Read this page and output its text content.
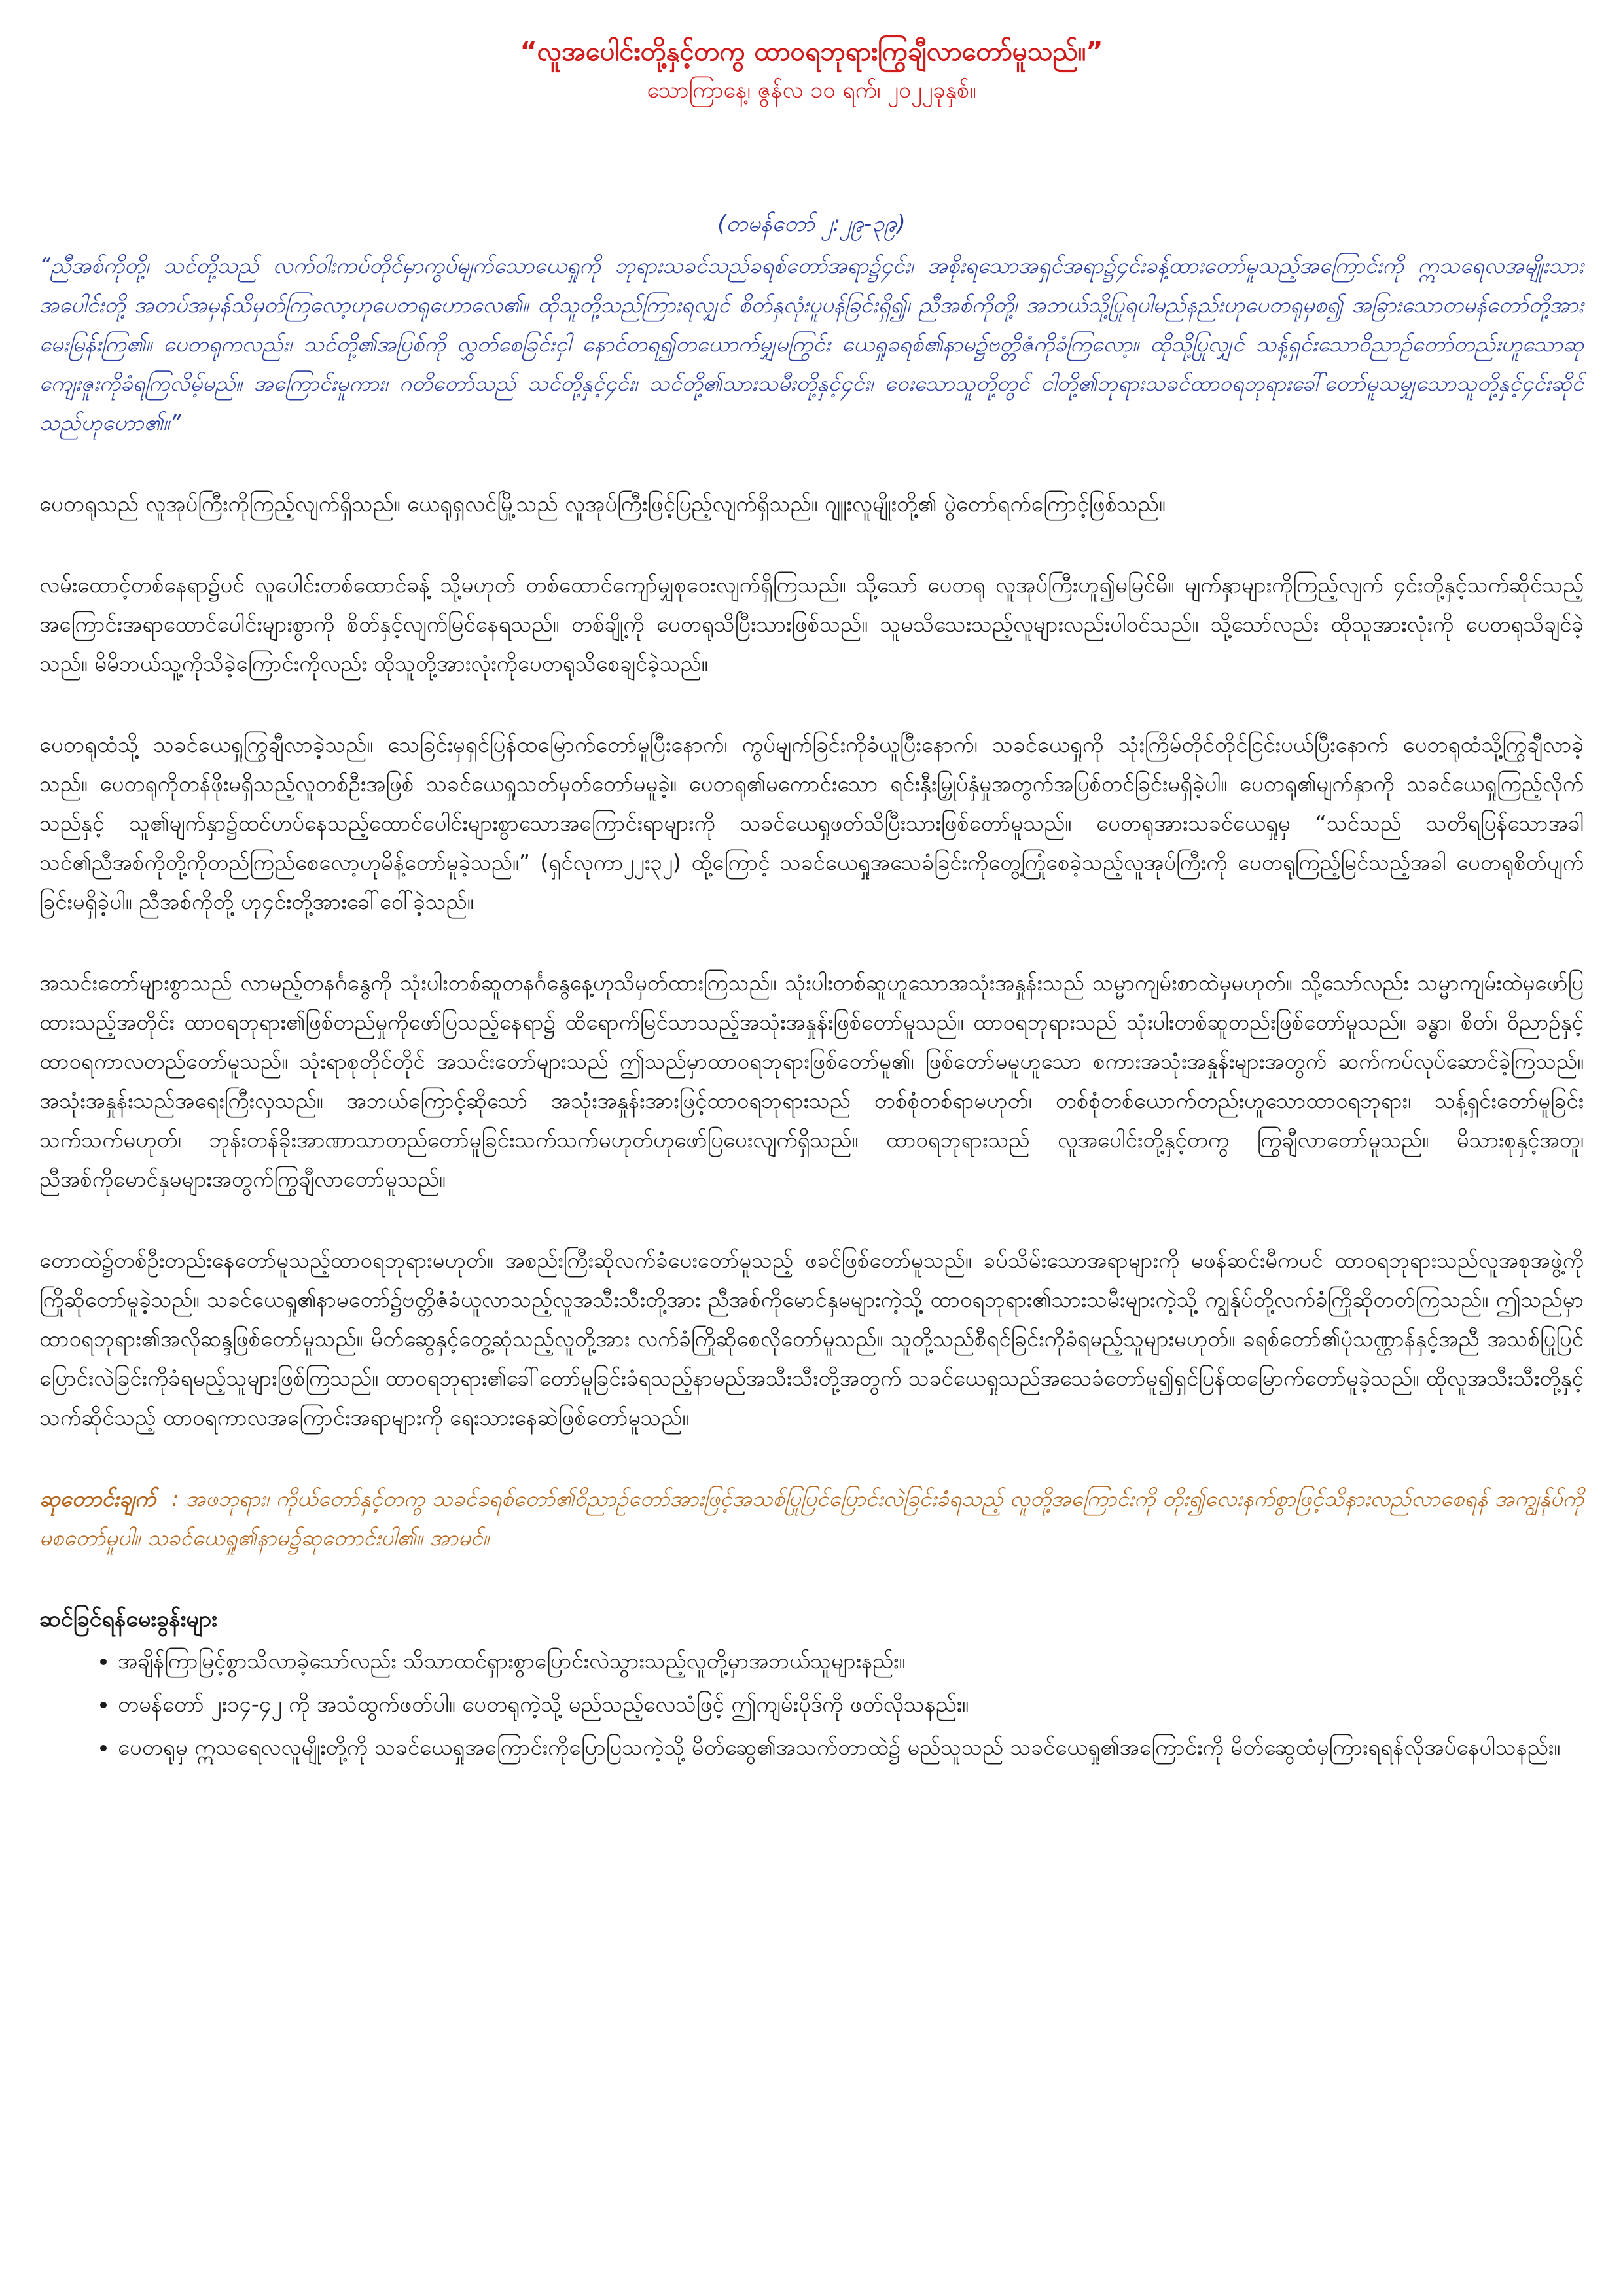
“လူအပေါင်းတို့နှင့်တကွ ထာဝရဘုရားကြွချီလာတော်မူသည်။”

သောကြာနေ့၊ ဇွန်လ ၁၀ ရက်၊ ၂၀၂၂ခုနှစ်။

(တမန်တော် ၂:၂၉-၃၉)

“ညီအစ်ကိုတို့၊ သင်တို့သည် လက်ဝါးကပ်တိုင်မှာကွပ်မျက်သောယေရှုကို ဘုရားသခင်သည်ခရစ်တော်အရာ၌၄င်း၊ အစိုးရသောအရှင်အရာ၌၄င်းခန့်ထားတော်မူသည့်အကြောင်းကို ဣသရေလအမျိုးသားအပေါင်းတို့ အတပ်အမှန်သိမှတ်ကြလော့ဟုပေတရုဟောလေ၏။ ထိုသူတို့သည်ကြားရလျှင် စိတ်နှလုံးပူပန်ခြင်းရှိ၍၊ ညီအစ်ကိုတို့၊ အဘယ်သို့ပြုရပါမည်နည်းဟုပေတရုမှစ၍ အခြားသောတမန်တော်တို့အားမေးမြန်းကြ၏။ ပေတရုကလည်း၊ သင်တို့၏အပြစ်ကို လွှတ်စေခြင်းငှါ နောင်တရ၍တယောက်မျှမကြွင်း ယေရှုခရစ်၏နာမ၌ဗတ္တိဇံကိုခံကြလော့။ ထိုသို့ပြုလျှင် သန့်ရှင်းသောဝိညာဉ်တော်တည်းဟူသောဆုကျေးဇူးကိုခံရကြလိမ့်မည်။ အကြောင်းမူကား၊ ဂတိတော်သည် သင်တို့နှင့်၄င်း၊ သင်တို့၏သားသမီးတို့နှင့်၄င်း၊ ဝေးသောသူတို့တွင် ငါတို့၏ဘုရားသခင်ထာဝရဘုရားခေါ်တော်မူသမျှသောသူတို့နှင့်၄င်းဆိုင်သည်ဟုဟော၏။”

ပေတရုသည် လူအုပ်ကြီးကိုကြည့်လျက်ရှိသည်။ ယေရုရှလင်မြို့သည် လူအုပ်ကြီးဖြင့်ပြည့်လျက်ရှိသည်။ ဂျူးလူမျိုးတို့၏ ပွဲတော်ရက်ကြောင့်ဖြစ်သည်။

လမ်းထောင့်တစ်နေရာ၌ပင် လူပေါင်းတစ်ထောင်ခန့် သို့မဟုတ် တစ်ထောင်ကျော်မျှစုဝေးလျက်ရှိကြသည်။ သို့သော် ပေတရု လူအုပ်ကြီးဟူ၍မမြင်မိ။ မျက်နှာများကိုကြည့်လျက် ၄င်းတို့နှင့်သက်ဆိုင်သည့်အကြောင်းအရာထောင်ပေါင်းများစွာကို စိတ်နှင့်လျက်မြင်နေရသည်။ တစ်ချို့ကို ပေတရုသိပြီးသားဖြစ်သည်။ သူမသိသေးသည့်လူများလည်းပါဝင်သည်။ သို့သော်လည်း ထိုသူအားလုံးကို ပေတရုသိချင်ခဲ့သည်။ မိမိဘယ်သူ့ကိုသိခဲ့ကြောင်းကိုလည်း ထိုသူတို့အားလုံးကိုပေတရုသိစေချင်ခဲ့သည်။

ပေတရုထံသို့ သခင်ယေရှုကြွချီလာခဲ့သည်။ သေခြင်းမှရှင်ပြန်ထမြောက်တော်မူပြီးနောက်၊ ကွပ်မျက်ခြင်းကိုခံယူပြီးနောက်၊ သခင်ယေရှုကို သုံးကြိမ်တိုင်တိုင်ငြင်းပယ်ပြီးနောက် ပေတရုထံသို့ကြွချီလာခဲ့သည်။ ပေတရုကိုတန်ဖိုးမရှိသည့်လူတစ်ဦးအဖြစ် သခင်ယေရှုသတ်မှတ်တော်မမူခဲ့။ ပေတရု၏မကောင်းသော ရင်းနှီးမြှုပ်နှံမှုအတွက်အပြစ်တင်ခြင်းမရှိခဲ့ပါ။ ပေတရု၏မျက်နှာကို သခင်ယေရှုကြည့်လိုက်သည်နှင့် သူ၏မျက်နှာ၌ထင်ဟပ်နေသည့်ထောင်ပေါင်းများစွာသောအကြောင်းရာများကို သခင်ယေရှုဖတ်သိပြီးသားဖြစ်တော်မူသည်။ ပေတရုအားသခင်ယေရှုမှ “သင်သည် သတိရပြန်သောအခါ သင်၏ညီအစ်ကိုတို့ကိုတည်ကြည်စေလော့ဟုမိန့်တော်မူခဲ့သည်။” (ရှင်လုကာ၂၂း၃၂) ထို့ကြောင့် သခင်ယေရှုအသေခံခြင်းကိုတွေ့ကြုံစေခဲ့သည့်လူအုပ်ကြီးကို ပေတရုကြည့်မြင်သည့်အခါ ပေတရုစိတ်ပျက်ခြင်းမရှိခဲ့ပါ။ ညီအစ်ကိုတို့ ဟု၄င်းတို့အားခေါ်ဝေါ်ခဲ့သည်။

အသင်းတော်များစွာသည် လာမည့်တနင်္ဂနွေကို သုံးပါးတစ်ဆူတနင်္ဂနွေနေ့ဟုသိမှတ်ထားကြသည်။ သုံးပါးတစ်ဆူဟူသောအသုံးအနှုန်းသည် သမ္မာကျမ်းစာထဲမှမဟုတ်။ သို့သော်လည်း သမ္မာကျမ်းထဲမှဖော်ပြထားသည့်အတိုင်း ထာဝရဘုရား၏ဖြစ်တည်မှုကိုဖော်ပြသည့်နေရာ၌ ထိရောက်မြင်သာသည့်အသုံးအနှုန်းဖြစ်တော်မူသည်။ ထာဝရဘုရားသည် သုံးပါးတစ်ဆူတည်းဖြစ်တော်မူသည်။ ခန္ဓာ၊ စိတ်၊ ဝိညာဉ်နှင့်ထာဝရကာလတည်တော်မူသည်။ သုံးရာစုတိုင်တိုင် အသင်းတော်များသည် ဤသည်မှာထာဝရဘုရားဖြစ်တော်မူ၏၊ ဖြစ်တော်မမူဟူသော စကားအသုံးအနှုန်းများအတွက် ဆက်ကပ်လုပ်ဆောင်ခဲ့ကြသည်။ အသုံးအနှုန်းသည်အရေးကြီးလှသည်။ အဘယ်ကြောင့်ဆိုသော် အသုံးအနှုန်းအားဖြင့်ထာဝရဘုရားသည် တစ်စုံတစ်ရာမဟုတ်၊ တစ်စုံတစ်ယောက်တည်းဟူသောထာဝရဘုရား၊ သန့်ရှင်းတော်မူခြင်း သက်သက်မဟုတ်၊ ဘုန်းတန်ခိုးအာဏာသာတည်တော်မူခြင်းသက်သက်မဟုတ်ဟုဖော်ပြပေးလျက်ရှိသည်။ ထာဝရဘုရားသည် လူအပေါင်းတို့နှင့်တကွ ကြွချီလာတော်မူသည်။ မိသားစုနှင့်အတူ၊ ညီအစ်ကိုမောင်နှမများအတွက်ကြွချီလာတော်မူသည်။

တောထဲ၌တစ်ဦးတည်းနေတော်မူသည့်ထာဝရဘုရားမဟုတ်။ အစည်းကြီးဆိုလက်ခံပေးတော်မူသည့် ဖခင်ဖြစ်တော်မူသည်။ ခပ်သိမ်းသောအရာများကို မဖန်ဆင်းမီကပင် ထာဝရဘုရားသည်လူအစုအဖွဲ့ကိုကြိုဆိုတော်မူခဲ့သည်။ သခင်ယေရှု၏နာမတော်၌ဗတ္တိဇံခံယူလာသည့်လူအသီးသီးတို့အား ညီအစ်ကိုမောင်နှမများကဲ့သို့ ထာဝရဘုရား၏သားသမီးများကဲ့သို့ ကျွန်ုပ်တို့လက်ခံကြိုဆိုတတ်ကြသည်။ ဤသည်မှာ ထာဝရဘုရား၏အလိုဆန္ဒဖြစ်တော်မူသည်။ မိတ်ဆွေနှင့်တွေ့ဆုံသည့်လူတို့အား လက်ခံကြိုဆိုစေလိုတော်မူသည်။ သူတို့သည်စီရင်ခြင်းကိုခံရမည့်သူများမဟုတ်။ ခရစ်တော်၏ပုံသဏ္ဌာန်နှင့်အညီ အသစ်ပြုပြင်ပြောင်းလဲခြင်းကိုခံရမည့်သူများဖြစ်ကြသည်။ ထာဝရဘုရား၏ခေါ်တော်မူခြင်းခံရသည့်နာမည်အသီးသီးတို့အတွက် သခင်ယေရှုသည်အသေခံတော်မူ၍ရှင်ပြန်ထမြောက်တော်မူခဲ့သည်။ ထိုလူအသီးသီးတို့နှင့်သက်ဆိုင်သည့် ထာဝရကာလအကြောင်းအရာများကို ရေးသားနေဆဲဖြစ်တော်မူသည်။

ဆုတောင်းချက် : အဖဘုရား၊ ကိုယ်တော်နှင့်တကွ သခင်ခရစ်တော်၏ဝိညာဉ်တော်အားဖြင့်အသစ်ပြုပြင်ပြောင်းလဲခြင်းခံရသည့် လူတို့အကြောင်းကို တိုး၍လေးနက်စွာဖြင့်သိနားလည်လာစေရန် အကျွန်ုပ်ကိုမစတော်မူပါ။ သခင်ယေရှု၏နာမ၌ဆုတောင်းပါ၏။ အာမင်။

ဆင်ခြင်ရန်မေးခွန်းများ
• အချိန်ကြာမြင့်စွာသိလာခဲ့သော်လည်း သိသာထင်ရှားစွာပြောင်းလဲသွားသည့်လူတို့မှာအဘယ်သူများနည်း။
• တမန်တော် ၂း၁၄-၄၂ ကို အသံထွက်ဖတ်ပါ။ ပေတရုကဲ့သို့ မည်သည့်လေသံဖြင့် ဤကျမ်းပိုဒ်ကို ဖတ်လိုသနည်း။
• ပေတရုမှ ဣသရေလလူမျိုးတို့ကို သခင်ယေရှုအကြောင်းကိုပြောပြသကဲ့သို့ မိတ်ဆွေ၏အသက်တာထဲ၌ မည်သူသည် သခင်ယေရှု၏အကြောင်းကို မိတ်ဆွေထံမှကြားရရန်လိုအပ်နေပါသနည်း။
